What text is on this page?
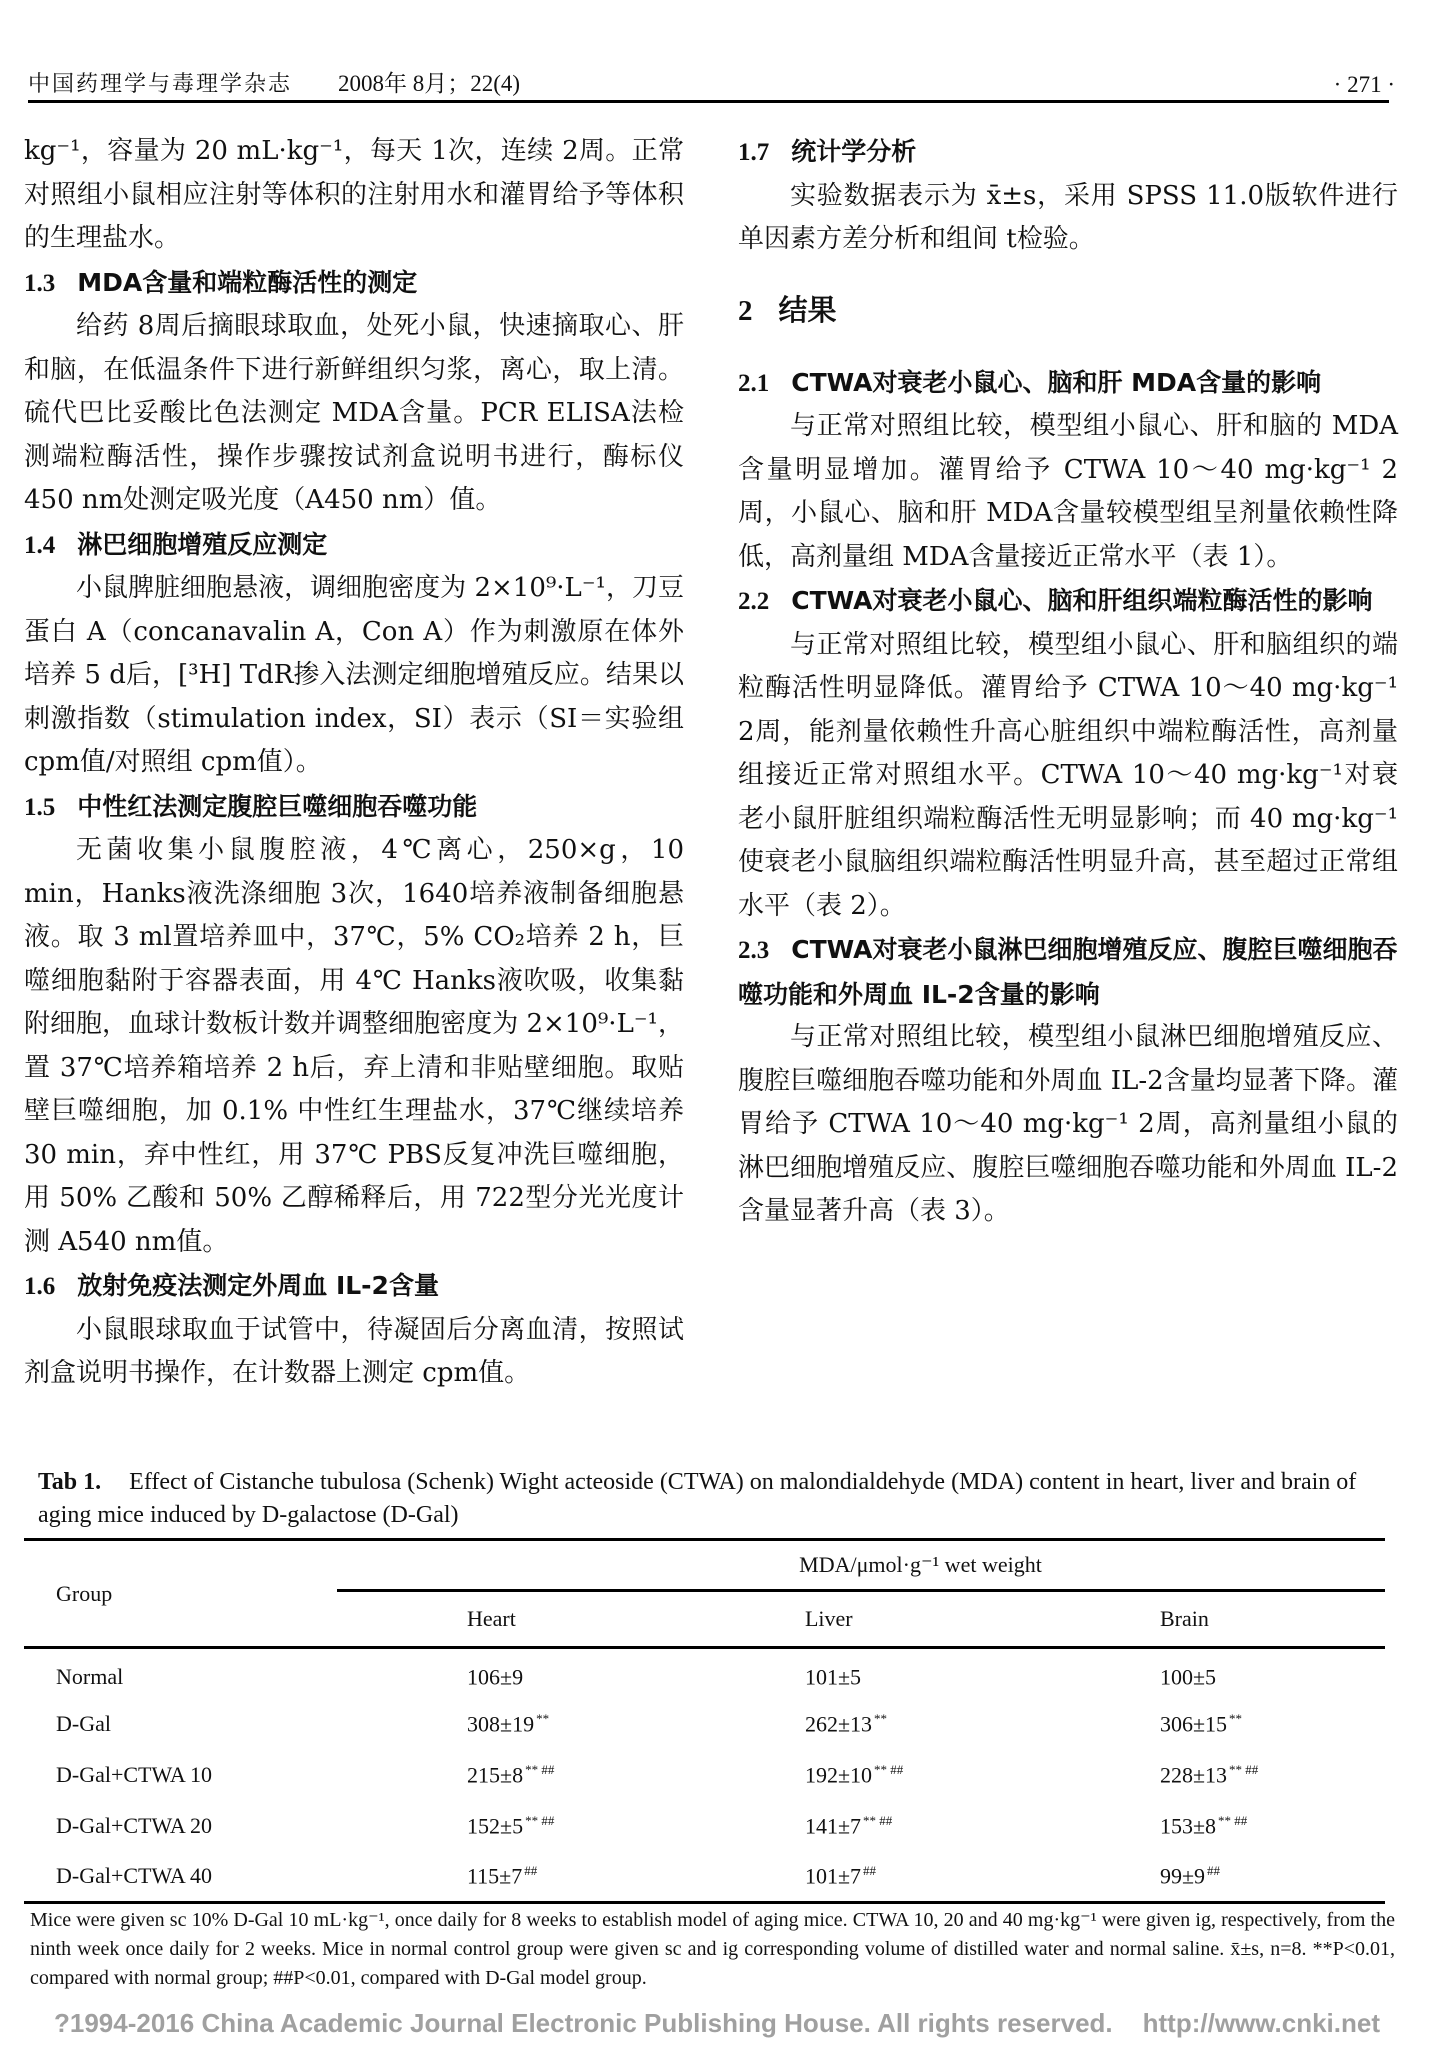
中国药理学与毒理学杂志 2008年 8月；22(4)	· 271 ·

kg⁻¹，容量为 20 mL·kg⁻¹，每天 1次，连续 2周。正常对照组小鼠相应注射等体积的注射用水和灌胃给予等体积的生理盐水。

1.3 MDA含量和端粒酶活性的测定

给药 8周后摘眼球取血，处死小鼠，快速摘取心、肝和脑，在低温条件下进行新鲜组织匀浆，离心，取上清。硫代巴比妥酸比色法测定 MDA含量。PCR ELISA法检测端粒酶活性，操作步骤按试剂盒说明书进行，酶标仪 450 nm处测定吸光度（A450 nm）值。

1.4 淋巴细胞增殖反应测定

小鼠脾脏细胞悬液，调细胞密度为 2×10⁹·L⁻¹，刀豆蛋白 A（concanavalin A，Con A）作为刺激原在体外培养 5 d后，[³H] TdR掺入法测定细胞增殖反应。结果以刺激指数（stimulation index，SI）表示（SI＝实验组 cpm值/对照组 cpm值）。

1.5 中性红法测定腹腔巨噬细胞吞噬功能

无菌收集小鼠腹腔液，4℃离心，250×g，10 min，Hanks液洗涤细胞 3次，1640培养液制备细胞悬液。取 3 ml置培养皿中，37℃，5% CO₂培养 2 h，巨噬细胞黏附于容器表面，用 4℃ Hanks液吹吸，收集黏附细胞，血球计数板计数并调整细胞密度为 2×10⁹·L⁻¹，置 37℃培养箱培养 2 h后，弃上清和非贴壁细胞。取贴壁巨噬细胞，加 0.1% 中性红生理盐水，37℃继续培养 30 min，弃中性红，用 37℃ PBS反复冲洗巨噬细胞，用 50% 乙酸和 50% 乙醇稀释后，用 722型分光光度计测 A540 nm值。

1.6 放射免疫法测定外周血 IL-2含量

小鼠眼球取血于试管中，待凝固后分离血清，按照试剂盒说明书操作，在计数器上测定 cpm值。

1.7 统计学分析

实验数据表示为 x̄±s，采用 SPSS 11.0版软件进行单因素方差分析和组间 t检验。

2 结果
2.1 CTWA对衰老小鼠心、脑和肝 MDA含量的影响

与正常对照组比较，模型组小鼠心、肝和脑的 MDA含量明显增加。灌胃给予 CTWA 10～40 mg·kg⁻¹ 2周，小鼠心、脑和肝 MDA含量较模型组呈剂量依赖性降低，高剂量组 MDA含量接近正常水平（表 1）。

2.2 CTWA对衰老小鼠心、脑和肝组织端粒酶活性的影响

与正常对照组比较，模型组小鼠心、肝和脑组织的端粒酶活性明显降低。灌胃给予 CTWA 10～40 mg·kg⁻¹ 2周，能剂量依赖性升高心脏组织中端粒酶活性，高剂量组接近正常对照组水平。CTWA 10～40 mg·kg⁻¹对衰老小鼠肝脏组织端粒酶活性无明显影响；而 40 mg·kg⁻¹使衰老小鼠脑组织端粒酶活性明显升高，甚至超过正常组水平（表 2）。

2.3 CTWA对衰老小鼠淋巴细胞增殖反应、腹腔巨噬细胞吞噬功能和外周血 IL-2含量的影响

与正常对照组比较，模型组小鼠淋巴细胞增殖反应、腹腔巨噬细胞吞噬功能和外周血 IL-2含量均显著下降。灌胃给予 CTWA 10～40 mg·kg⁻¹ 2周，高剂量组小鼠的淋巴细胞增殖反应、腹腔巨噬细胞吞噬功能和外周血 IL-2含量显著升高（表 3）。

Tab 1. Effect of Cistanche tubulosa (Schenk) Wight acteoside (CTWA) on malondialdehyde (MDA) content in heart, liver and brain of aging mice induced by D-galactose (D-Gal)
Group	MDA/μmol·g⁻¹ wet weight		
	Heart	Liver	Brain
Normal	106±9	101±5	100±5
D-Gal	308±19 **	262±13 **	306±15 **
D-Gal+CTWA 10	215±8 ** ##	192±10 ** ##	228±13 ** ##
D-Gal+CTWA 20	152±5 ** ##	141±7 ** ##	153±8 ** ##
D-Gal+CTWA 40	115±7 ##	101±7 ##	99±9 ##
Mice were given sc 10% D-Gal 10 mL·kg⁻¹, once daily for 8 weeks to establish model of aging mice. CTWA 10, 20 and 40 mg·kg⁻¹ were given ig, respectively, from the ninth week once daily for 2 weeks. Mice in normal control group were given sc and ig corresponding volume of distilled water and normal saline. x̄±s, n=8. **P<0.01, compared with normal group; ##P<0.01, compared with D-Gal model group.
?1994-2016 China Academic Journal Electronic Publishing House. All rights reserved. http://www.cnki.net
